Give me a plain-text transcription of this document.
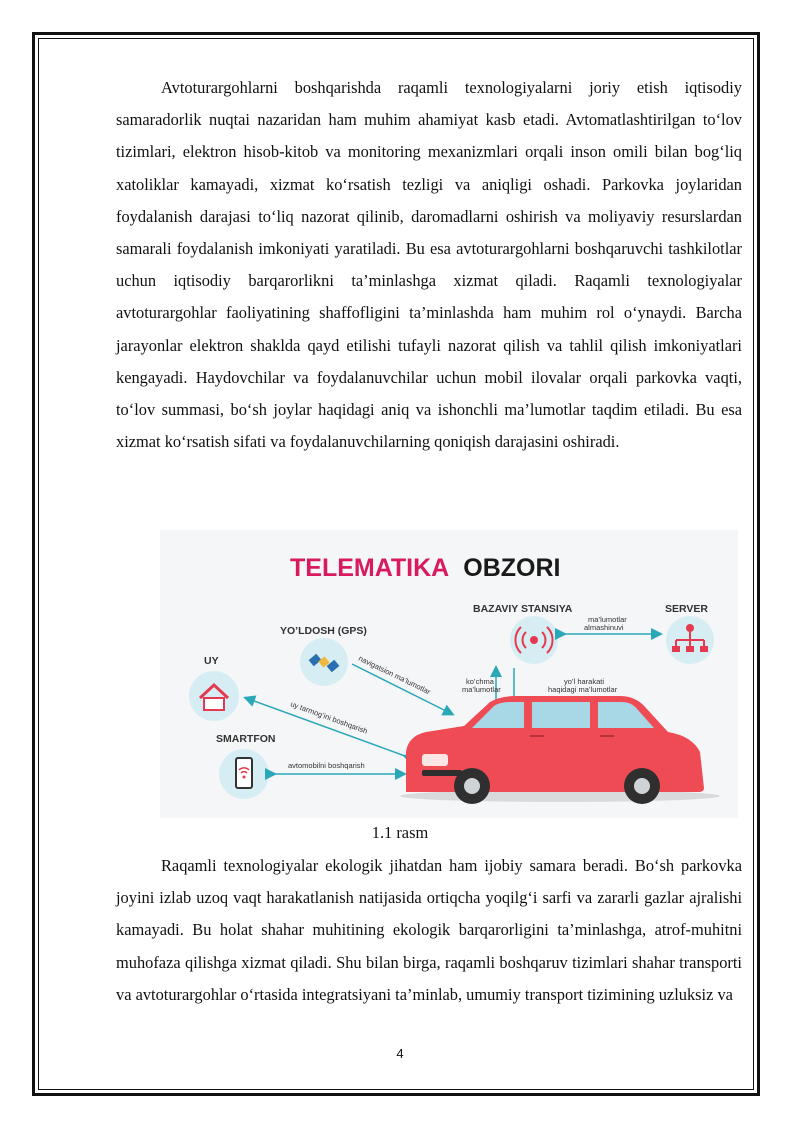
Avtoturargohlarni boshqarishda raqamli texnologiyalarni joriy etish iqtisodiy samaradorlik nuqtai nazaridan ham muhim ahamiyat kasb etadi. Avtomatlashtirilgan to‘lov tizimlari, elektron hisob-kitob va monitoring mexanizmlari orqali inson omili bilan bog‘liq xatoliklar kamayadi, xizmat ko‘rsatish tezligi va aniqligi oshadi. Parkovka joylaridan foydalanish darajasi to‘liq nazorat qilinib, daromadlarni oshirish va moliyaviy resurslardan samarali foydalanish imkoniyati yaratiladi. Bu esa avtoturargohlarni boshqaruvchi tashkilotlar uchun iqtisodiy barqarorlikni ta’minlashga xizmat qiladi. Raqamli texnologiyalar avtoturargohlar faoliyatining shaffofligini ta’minlashda ham muhim rol o‘ynaydi. Barcha jarayonlar elektron shaklda qayd etilishi tufayli nazorat qilish va tahlil qilish imkoniyatlari kengayadi. Haydovchilar va foydalanuvchilar uchun mobil ilovalar orqali parkovka vaqti, to‘lov summasi, bo‘sh joylar haqidagi aniq va ishonchli ma’lumotlar taqdim etiladi. Bu esa xizmat ko‘rsatish sifati va foydalanuvchilarning qoniqish darajasini oshiradi.

TELEMATIKA OBZORI
BAZAVIY STANSIYA	SERVER
ma’lumotlar
almashinuvi
YO’LDOSH (GPS)
navigatsion ma’lumotlar
UY
uy tarmog’ini boshqarish
SMARTFON
avtomobilni boshqarish
ko’chma
ma’lumotlar
yo’l harakati
haqidagi ma’lumotlar
1.1 rasm

Raqamli texnologiyalar ekologik jihatdan ham ijobiy samara beradi. Bo‘sh parkovka joyini izlab uzoq vaqt harakatlanish natijasida ortiqcha yoqilg‘i sarfi va zararli gazlar ajralishi kamayadi. Bu holat shahar muhitining ekologik barqarorligini ta’minlashga, atrof-muhitni muhofaza qilishga xizmat qiladi. Shu bilan birga, raqamli boshqaruv tizimlari shahar transporti va avtoturargohlar o‘rtasida integratsiyani ta’minlab, umumiy transport tizimining uzluksiz va

4
